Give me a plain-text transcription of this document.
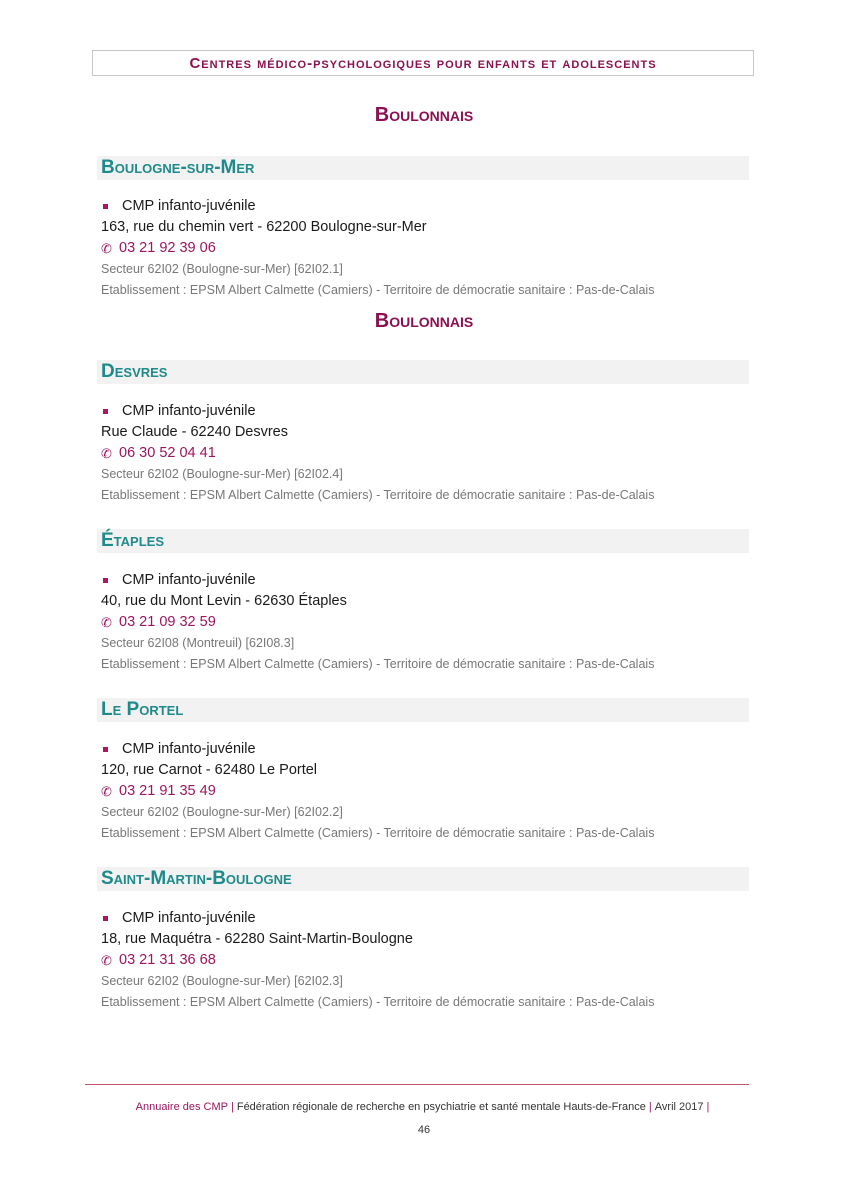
Centres médico-psychologiques pour enfants et adolescents
Boulonnais
Boulogne-sur-Mer
CMP infanto-juvénile
163, rue du chemin vert - 62200 Boulogne-sur-Mer
✆ 03 21 92 39 06
Secteur 62I02 (Boulogne-sur-Mer) [62I02.1]
Etablissement : EPSM Albert Calmette (Camiers) - Territoire de démocratie sanitaire : Pas-de-Calais
Boulonnais
Desvres
CMP infanto-juvénile
Rue Claude - 62240 Desvres
✆ 06 30 52 04 41
Secteur 62I02 (Boulogne-sur-Mer) [62I02.4]
Etablissement : EPSM Albert Calmette (Camiers) - Territoire de démocratie sanitaire : Pas-de-Calais
Étaples
CMP infanto-juvénile
40, rue du Mont Levin - 62630 Étaples
✆ 03 21 09 32 59
Secteur 62I08 (Montreuil) [62I08.3]
Etablissement : EPSM Albert Calmette (Camiers) - Territoire de démocratie sanitaire : Pas-de-Calais
Le Portel
CMP infanto-juvénile
120, rue Carnot - 62480 Le Portel
✆ 03 21 91 35 49
Secteur 62I02 (Boulogne-sur-Mer) [62I02.2]
Etablissement : EPSM Albert Calmette (Camiers) - Territoire de démocratie sanitaire : Pas-de-Calais
Saint-Martin-Boulogne
CMP infanto-juvénile
18, rue Maquétra - 62280 Saint-Martin-Boulogne
✆ 03 21 31 36 68
Secteur 62I02 (Boulogne-sur-Mer) [62I02.3]
Etablissement : EPSM Albert Calmette (Camiers) - Territoire de démocratie sanitaire : Pas-de-Calais
Annuaire des CMP | Fédération régionale de recherche en psychiatrie et santé mentale Hauts-de-France | Avril 2017 |
46
